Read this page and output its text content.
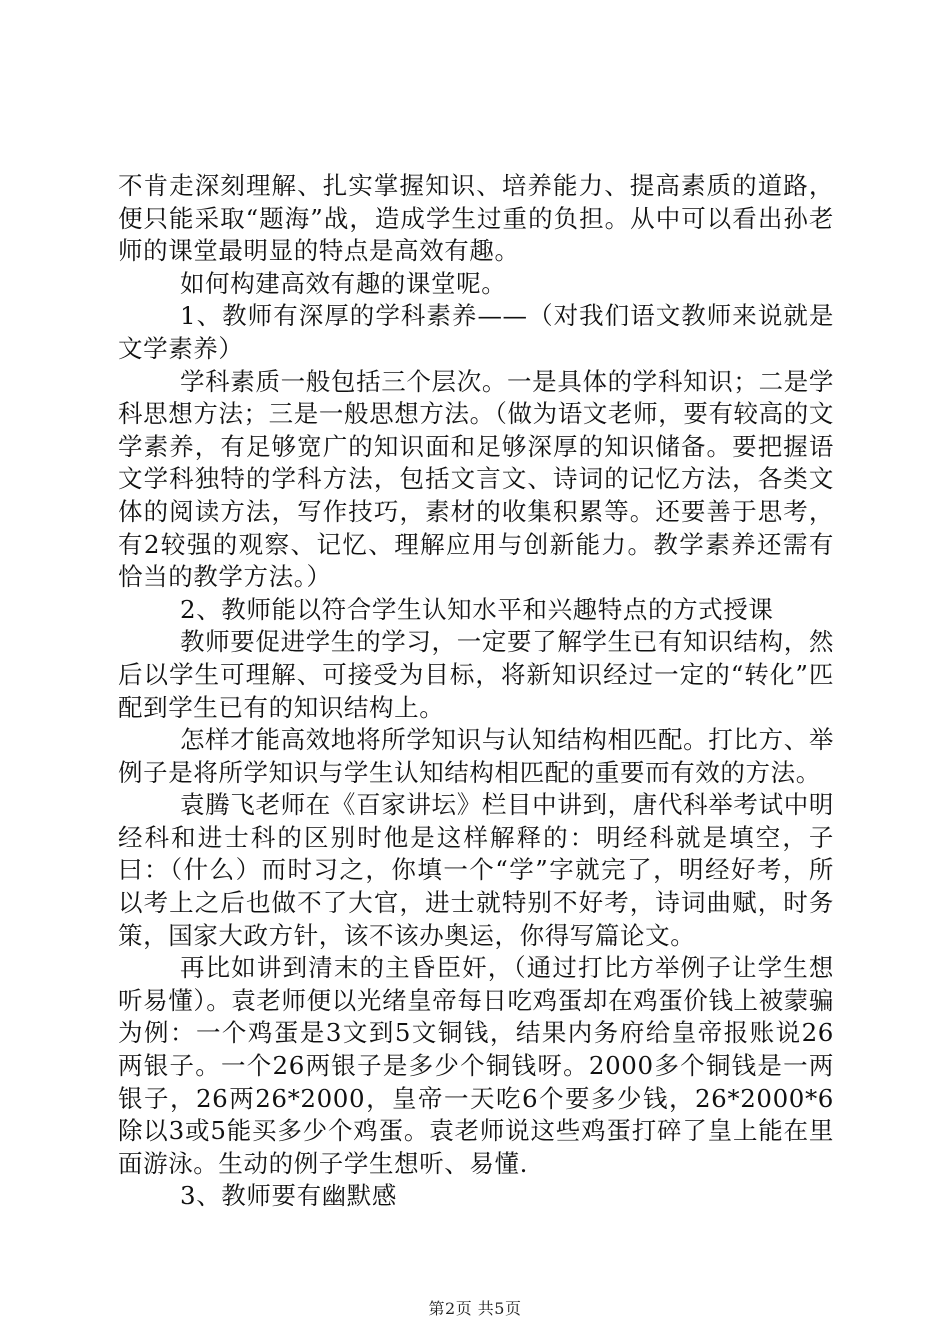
不肯走深刻理解、扎实掌握知识、培养能力、提高素质的道路，便只能采取“题海”战，造成学生过重的负担。从中可以看出孙老师的课堂最明显的特点是高效有趣。

如何构建高效有趣的课堂呢。

1、教师有深厚的学科素养——（对我们语文教师来说就是文学素养）

学科素质一般包括三个层次。一是具体的学科知识；二是学科思想方法；三是一般思想方法。（做为语文老师，要有较高的文学素养，有足够宽广的知识面和足够深厚的知识储备。要把握语文学科独特的学科方法，包括文言文、诗词的记忆方法，各类文体的阅读方法，写作技巧，素材的收集积累等。还要善于思考，有2较强的观察、记忆、理解应用与创新能力。教学素养还需有恰当的教学方法。）

2、教师能以符合学生认知水平和兴趣特点的方式授课

教师要促进学生的学习，一定要了解学生已有知识结构，然后以学生可理解、可接受为目标，将新知识经过一定的“转化”匹配到学生已有的知识结构上。

怎样才能高效地将所学知识与认知结构相匹配。打比方、举例子是将所学知识与学生认知结构相匹配的重要而有效的方法。

袁腾飞老师在《百家讲坛》栏目中讲到，唐代科举考试中明经科和进士科的区别时他是这样解释的：明经科就是填空，子曰：（什么）而时习之，你填一个“学”字就完了，明经好考，所以考上之后也做不了大官，进士就特别不好考，诗词曲赋，时务策，国家大政方针，该不该办奥运，你得写篇论文。

再比如讲到清末的主昏臣奸，（通过打比方举例子让学生想听易懂）。袁老师便以光绪皇帝每日吃鸡蛋却在鸡蛋价钱上被蒙骗为例：一个鸡蛋是3文到5文铜钱，结果内务府给皇帝报账说26两银子。一个26两银子是多少个铜钱呀。2000多个铜钱是一两银子，26两26*2000，皇帝一天吃6个要多少钱，26*2000*6除以3或5能买多少个鸡蛋。袁老师说这些鸡蛋打碎了皇上能在里面游泳。生动的例子学生想听、易懂.

3、教师要有幽默感

第2页 共5页
